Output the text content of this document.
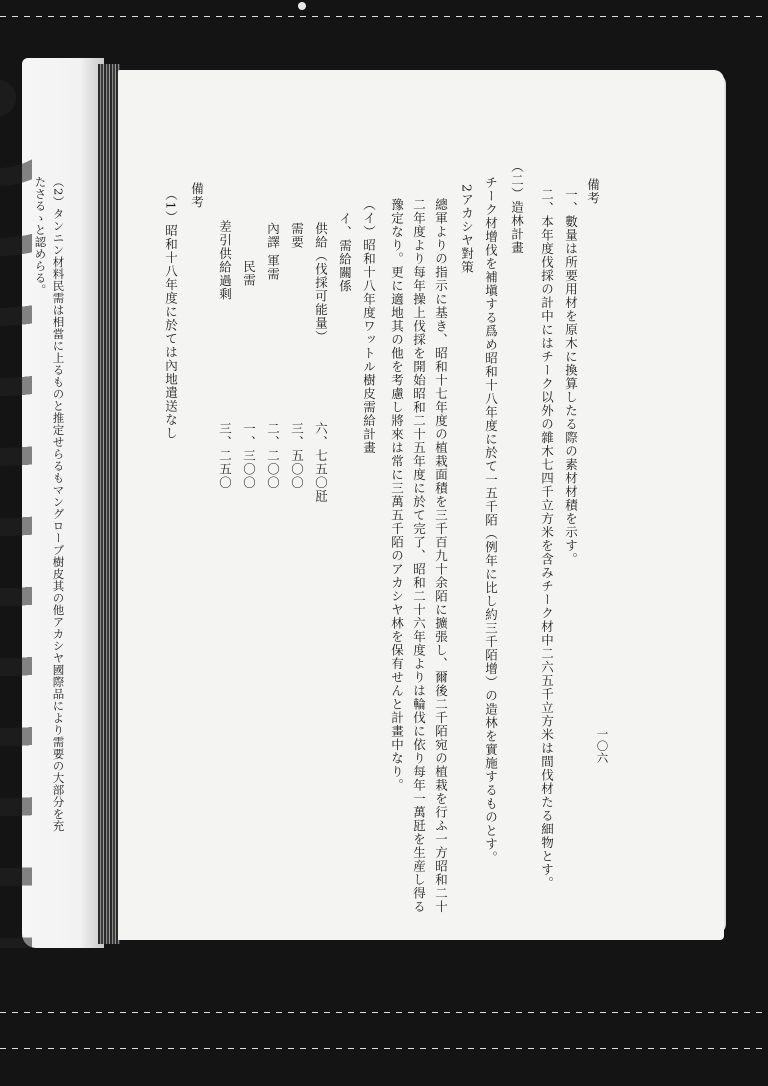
（2）タンニン材料民需は相當に上るものと推定せらるもマングローブ樹皮其の他アカシヤ國際品により需要の大部分を充
たさるゝと認めらる。
一〇六
備考
一、數量は所要用材を原木に換算したる際の素材材積を示す。
二、本年度伐採の計中にはチーク以外の雜木七四千立方米を含みチーク材中二六五千立方米は間伐材たる細物とす。
（二）造林計畫
チーク材增伐を補塡する爲め昭和十八年度に於て一五千陌（例年に比し約三千陌增）の造林を實施するものとす。
2アカシヤ對策
總軍よりの指示に基き、昭和十七年度の植栽面積を三千百九十余陌に擴張し、爾後二千陌宛の植栽を行ふ一方昭和二十
二年度より每年操上伐採を開始昭和二十五年度に於て完了、昭和二十六年度よりは輪伐に依り每年一萬瓩を生産し得る
豫定なり。更に適地其の他を考慮し將來は常に三萬五千陌のアカシヤ林を保有せんと計畫中なり。
（イ）昭和十八年度ワットル樹皮需給計畫
イ、需給關係
供給（伐採可能量）
六、七五〇瓩
需要
三、五〇〇
內譯 軍需
二、二〇〇
民需
一、三〇〇
差引供給過剩
三、二五〇
備考
（1）昭和十八年度に於ては內地遣送なし
